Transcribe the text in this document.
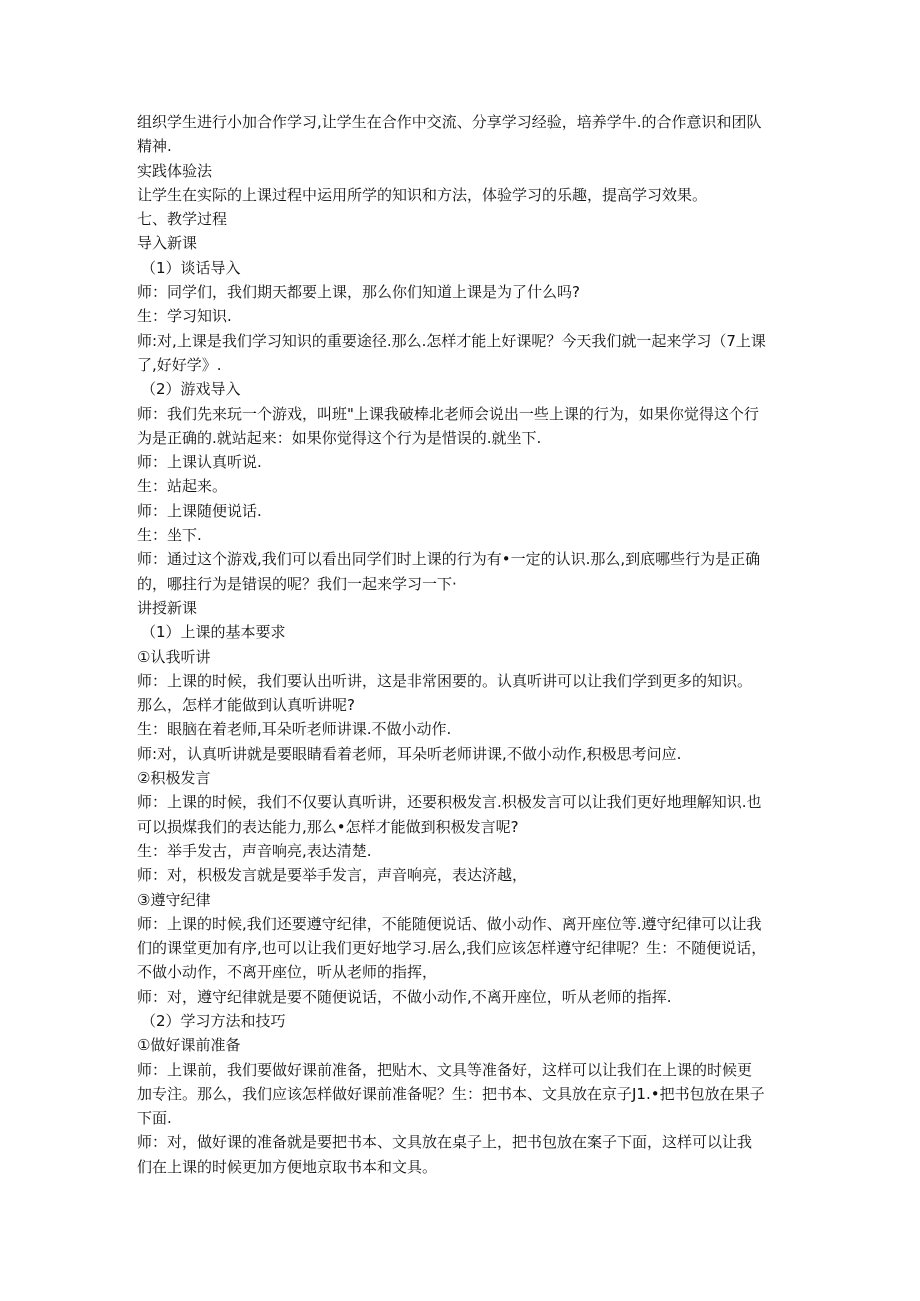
组织学生进行小加合作学习,让学生在合作中交流、分享学习经验，培养学牛.的合作意识和团队
精神.
实践体验法
让学生在实际的上课过程中运用所学的知识和方法，体验学习的乐趣，提高学习效果。
七、教学过程
导入新课
（1）谈话导入
师：同学们，我们期天都要上课，那么你们知道上课是为了什么吗?
生：学习知识.
师:对,上课是我们学习知识的重要途径.那么.怎样才能上好课呢？今天我们就一起来学习（7上课
了,好好学》.
（2）游戏导入
师：我们先来玩一个游戏，叫班"上课我破棒北老师会说出一些上课的行为，如果你觉得这个行
为是正确的.就站起来：如果你觉得这个行为是惜误的.就坐下.
师：上课认真听说.
生：站起来。
师：上课随便说话.
生：坐下.
师：通过这个游戏,我们可以看出同学们时上课的行为有•一定的认识.那么,到底哪些行为是正确
的，哪拄行为是错误的呢？我们一起来学习一下·
讲授新课
（1）上课的基本要求
①认我听讲
师：上课的时候，我们要认出听讲，这是非常困要的。认真听讲可以让我们学到更多的知识。
那么，怎样才能做到认真听讲呢?
生：眼脑在着老师,耳朵听老师讲课.不做小动作.
师:对，认真听讲就是要眼睛看着老师，耳朵听老师讲课,不做小动作,积极思考问应.
②积极发言
师：上课的时候，我们不仅要认真听讲，还要积极发言.枳极发言可以让我们更好地理解知识.也
可以损煤我们的表达能力,那么•怎样才能做到积极发言呢?
生：举手发古，声音响亮,表达清楚.
师：对，枳极发言就是要举手发言，声音响亮，表达济越，
③遵守纪律
师：上课的时候,我们还要遵守纪律，不能随便说话、做小动作、离开座位等.遵守纪律可以让我
们的课堂更加有序,也可以让我们更好地学习.居么,我们应该怎样遵守纪律呢？生：不随便说话，
不做小动作，不离开座位，听从老师的指挥，
师：对，遵守纪律就是要不随便说话，不做小动作,不离开座位，听从老师的指挥.
（2）学习方法和技巧
①做好课前准备
师：上课前，我们要做好课前准备，把贴木、文具等准备好，这样可以让我们在上课的时候更
加专注。那么，我们应该怎样做好课前准备呢？生：把书本、文具放在京子J1.•把书包放在果子
下面.
师：对，做好课的准备就是要把书本、文具放在桌子上，把书包放在案子下面，这样可以让我
们在上课的时候更加方便地京取书本和文具。
